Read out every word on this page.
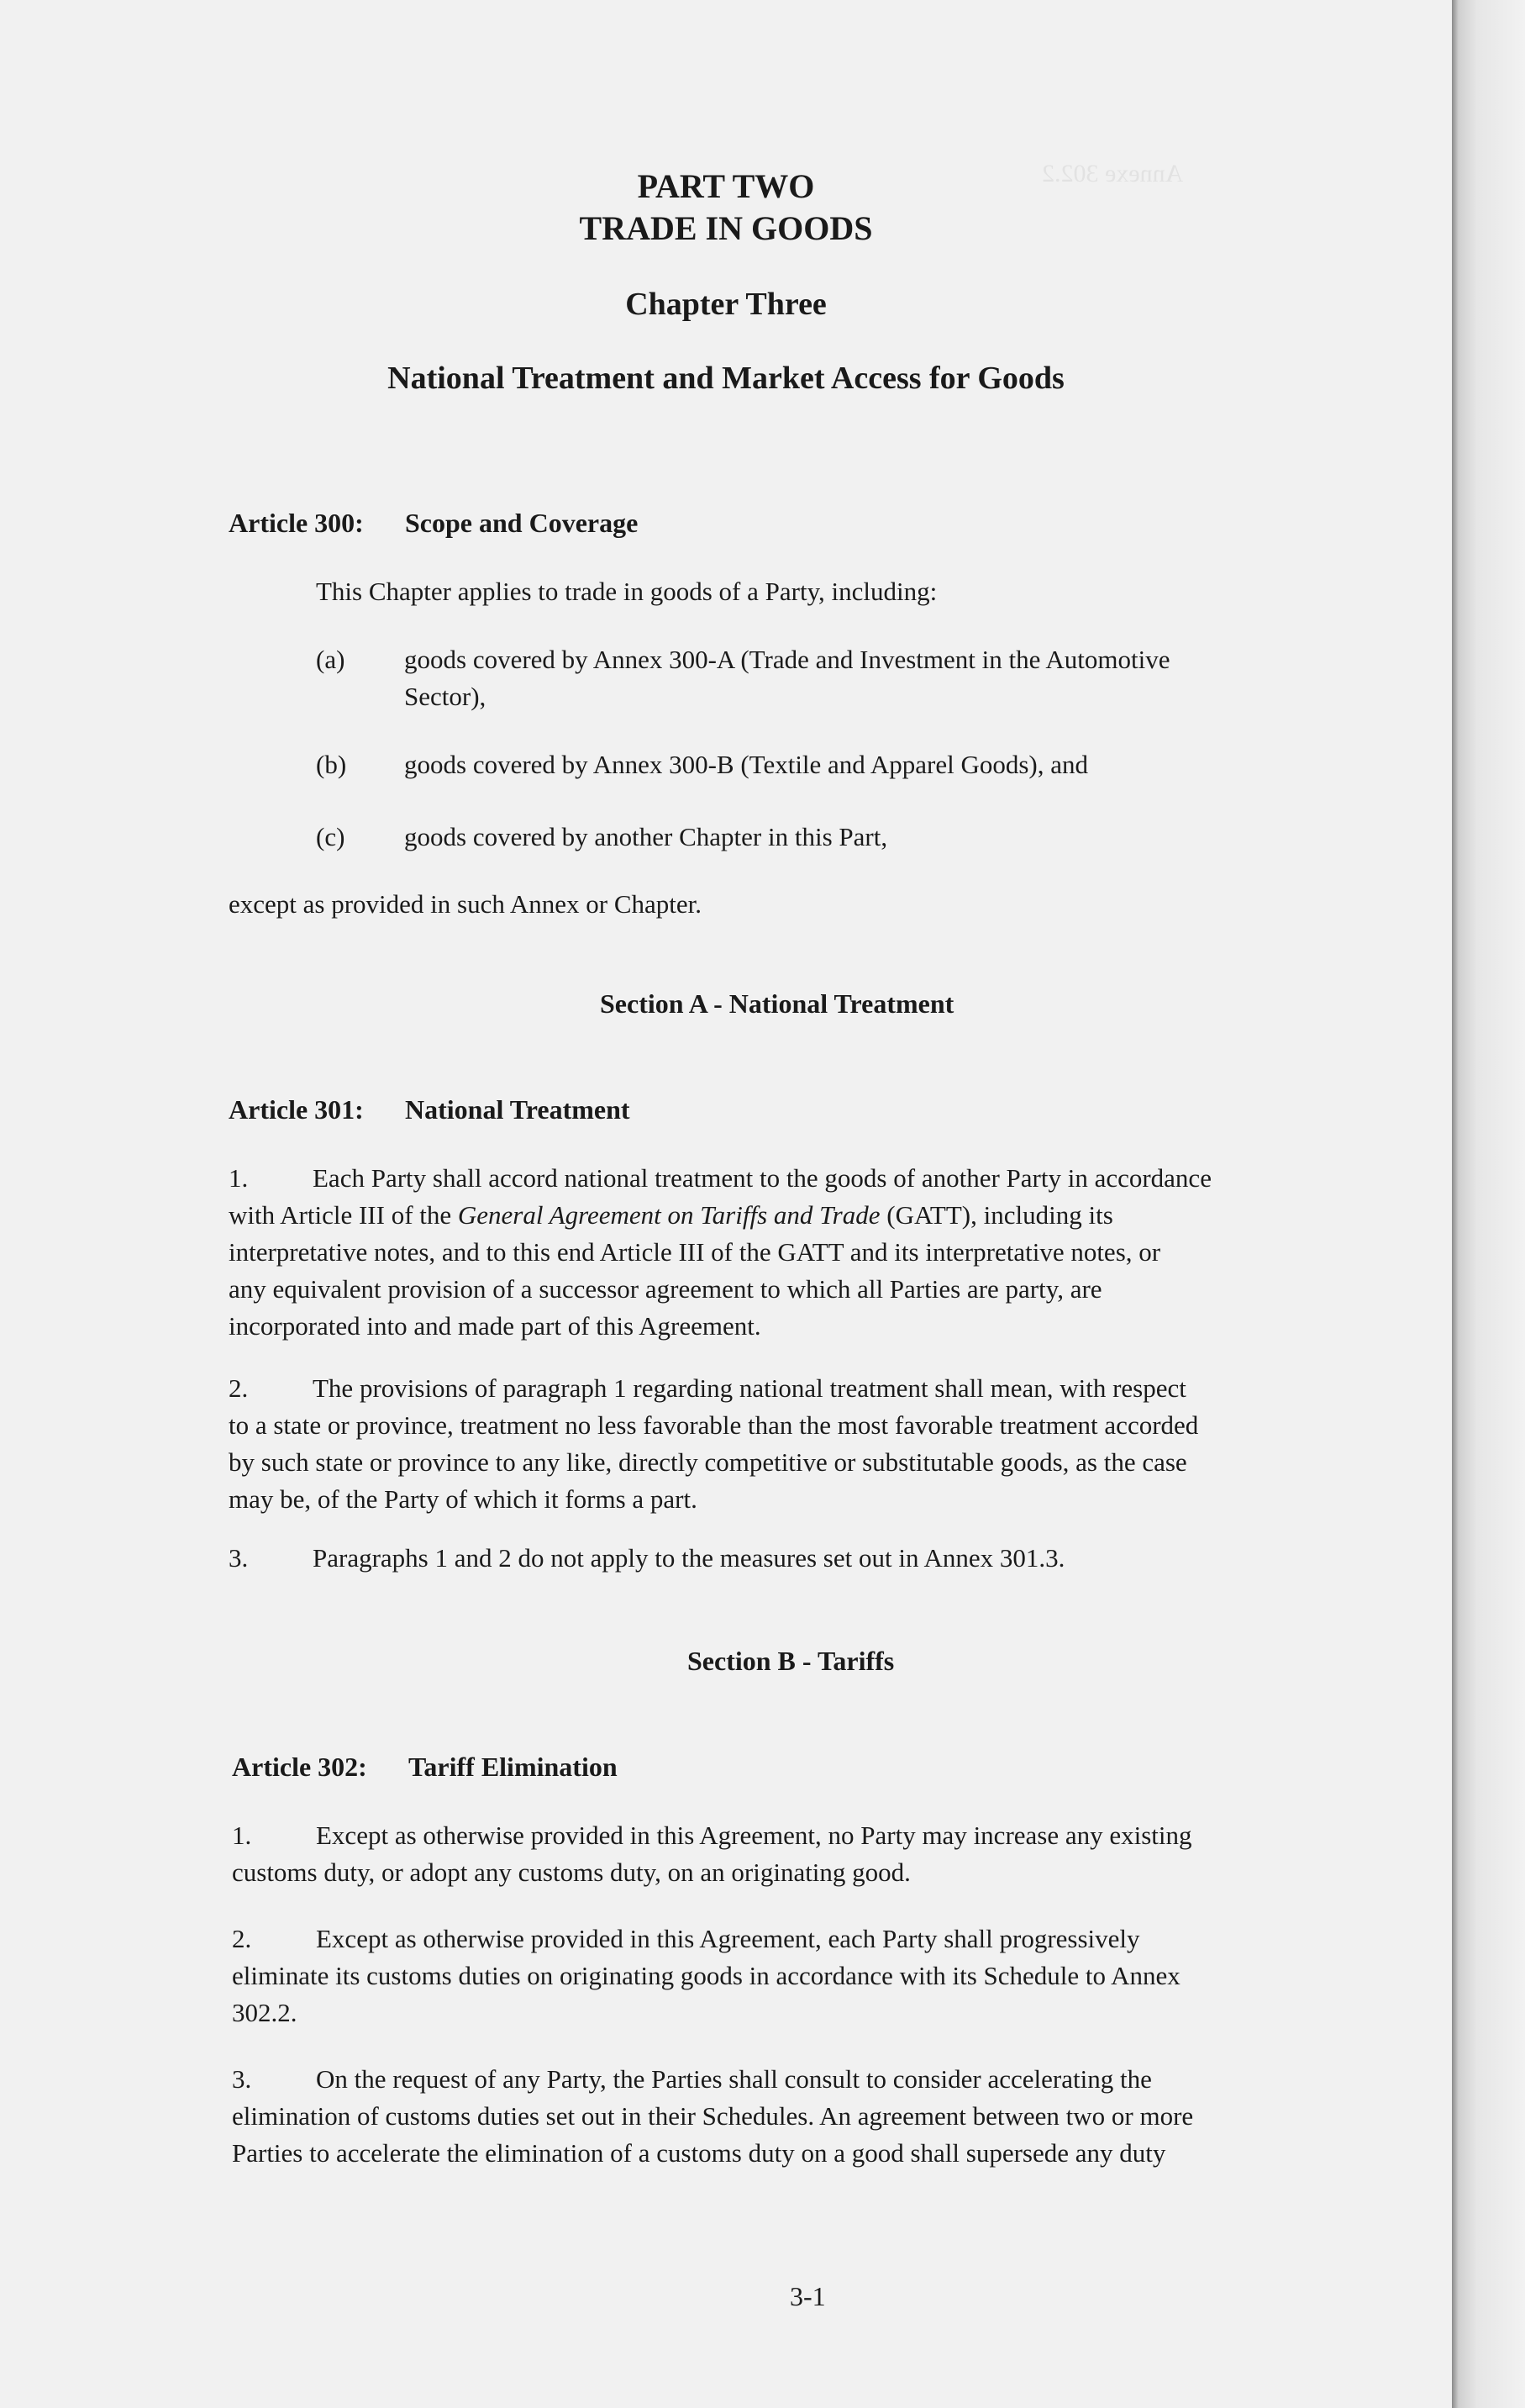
Annexe 302.2
PART TWO
TRADE IN GOODS
Chapter Three
National Treatment and Market Access for Goods
Article 300: Scope and Coverage
This Chapter applies to trade in goods of a Party, including:
(a) goods covered by Annex 300-A (Trade and Investment in the Automotive
Sector),
(b) goods covered by Annex 300-B (Textile and Apparel Goods), and
(c) goods covered by another Chapter in this Part,
except as provided in such Annex or Chapter.
Section A - National Treatment
Article 301: National Treatment
1. Each Party shall accord national treatment to the goods of another Party in accordance
with Article III of the General Agreement on Tariffs and Trade (GATT), including its
interpretative notes, and to this end Article III of the GATT and its interpretative notes, or
any equivalent provision of a successor agreement to which all Parties are party, are
incorporated into and made part of this Agreement.
2. The provisions of paragraph 1 regarding national treatment shall mean, with respect
to a state or province, treatment no less favorable than the most favorable treatment accorded
by such state or province to any like, directly competitive or substitutable goods, as the case
may be, of the Party of which it forms a part.
3. Paragraphs 1 and 2 do not apply to the measures set out in Annex 301.3.
Section B - Tariffs
Article 302: Tariff Elimination
1. Except as otherwise provided in this Agreement, no Party may increase any existing
customs duty, or adopt any customs duty, on an originating good.
2. Except as otherwise provided in this Agreement, each Party shall progressively
eliminate its customs duties on originating goods in accordance with its Schedule to Annex
302.2.
3. On the request of any Party, the Parties shall consult to consider accelerating the
elimination of customs duties set out in their Schedules. An agreement between two or more
Parties to accelerate the elimination of a customs duty on a good shall supersede any duty
3-1
